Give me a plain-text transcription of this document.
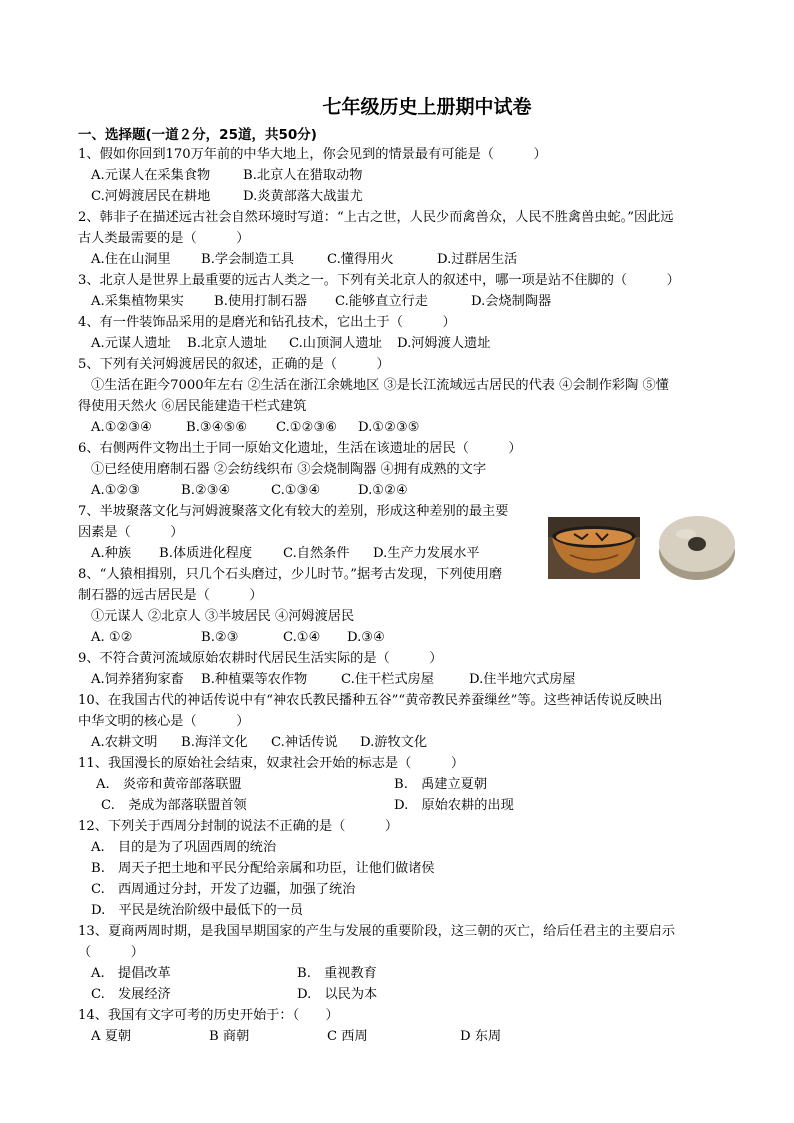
七年级历史上册期中试卷
一、选择题(一道２分，25道，共50分)
1、假如你回到170万年前的中华大地上，你会见到的情景最有可能是（　　　）
A.元谋人在采集食物 B.北京人在猎取动物
C.河姆渡居民在耕地 D.炎黄部落大战蚩尤
2、韩非子在描述远古社会自然环境时写道：“上古之世，人民少而禽兽众，人民不胜禽兽虫蛇。”因此远
古人类最需要的是（　　　）
A.住在山洞里 B.学会制造工具 C.懂得用火	D.过群居生活
3、北京人是世界上最重要的远古人类之一。下列有关北京人的叙述中，哪一项是站不住脚的（　　　）
A.采集植物果实 B.使用打制石器 C.能够直立行走	D.会烧制陶器
4、有一件装饰品采用的是磨光和钻孔技术，它出土于（　　　）
A.元谋人遗址 B.北京人遗址 C.山顶洞人遗址 D.河姆渡人遗址
5、下列有关河姆渡居民的叙述，正确的是（　　　）
①生活在距今7000年左右 ②生活在浙江余姚地区 ③是长江流域远古居民的代表 ④会制作彩陶 ⑤懂
得使用天然火 ⑥居民能建造干栏式建筑
A.①②③④	B.③④⑤⑥ C.①②③⑥ D.①②③⑤
6、右侧两件文物出土于同一原始文化遗址，生活在该遗址的居民（　　　）
①已经使用磨制石器 ②会纺线织布 ③会烧制陶器 ④拥有成熟的文字
A.①②③	B.②③④	C.①③④	D.①②④
7、半坡聚落文化与河姆渡聚落文化有较大的差别，形成这种差别的最主要
因素是（　　　）
A.种族 B.体质进化程度 C.自然条件 D.生产力发展水平
8、“人猿相揖别，只几个石头磨过，少儿时节。”据考古发现，下列使用磨
制石器的远古居民是（　　　）
①元谋人 ②北京人 ③半坡居民 ④河姆渡居民
A. ①②	B.②③	C.①④ D.③④
9、不符合黄河流域原始农耕时代居民生活实际的是（　　　）
A.饲养猪狗家畜 B.种植粟等农作物	C.住干栏式房屋	D.住半地穴式房屋
10、在我国古代的神话传说中有“神农氏教民播种五谷”“黄帝教民养蚕缫丝”等。这些神话传说反映出
中华文明的核心是（　　　）
A.农耕文明 B.海洋文化 C.神话传说 D.游牧文化
11、我国漫长的原始社会结束，奴隶社会开始的标志是（　　　）
A.　炎帝和黄帝部落联盟	B.　禹建立夏朝
C.　尧成为部落联盟首领	D.　原始农耕的出现
12、下列关于西周分封制的说法不正确的是（　　　）
A.　目的是为了巩固西周的统治
B.　周天子把土地和平民分配给亲属和功臣，让他们做诸侯
C.　西周通过分封，开发了边疆，加强了统治
D.　平民是统治阶级中最低下的一员
13、夏商两周时期，是我国早期国家的产生与发展的重要阶段，这三朝的灭亡，给后任君主的主要启示
（　　　）
A.　提倡改革	B.　重视教育
C.　发展经济	D.　以民为本
14、我国有文字可考的历史开始于：（　　）
A 夏朝	B 商朝	C 西周	D 东周
